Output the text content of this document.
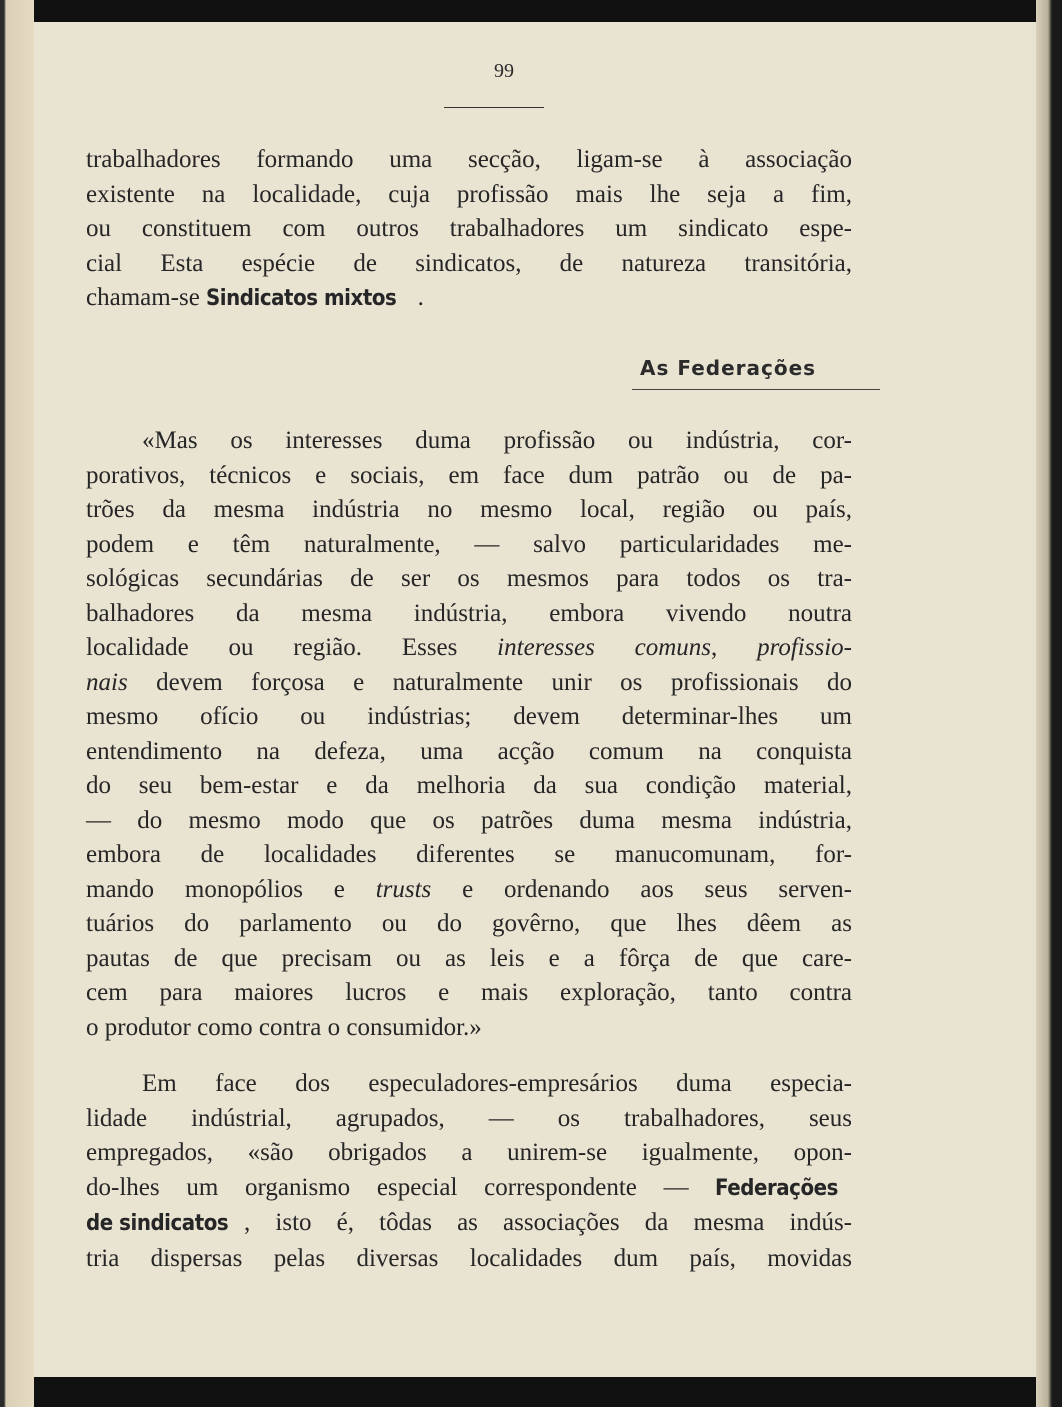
99
trabalhadores formando uma secção, ligam-se à associação
existente na localidade, cuja profissão mais lhe seja a fim,
ou constituem com outros trabalhadores um sindicato espe-
cial Esta espécie de sindicatos, de natureza transitória,
chamam-se Sindicatos mixtos .
As Federações
«Mas os interesses duma profissão ou indústria, cor-
porativos, técnicos e sociais, em face dum patrão ou de pa-
trões da mesma indústria no mesmo local, região ou país,
podem e têm naturalmente, — salvo particularidades me-
sológicas secundárias de ser os mesmos para todos os tra-
balhadores da mesma indústria, embora vivendo noutra
localidade ou região. Esses interesses comuns, profissio-
nais devem forçosa e naturalmente unir os profissionais do
mesmo ofício ou indústrias; devem determinar-lhes um
entendimento na defeza, uma acção comum na conquista
do seu bem-estar e da melhoria da sua condição material,
— do mesmo modo que os patrões duma mesma indústria,
embora de localidades diferentes se manucomunam, for-
mando monopólios e trusts e ordenando aos seus serven-
tuários do parlamento ou do govêrno, que lhes dêem as
pautas de que precisam ou as leis e a fôrça de que care-
cem para maiores lucros e mais exploração, tanto contra
o produtor como contra o consumidor.»
Em face dos especuladores-empresários duma especia-
lidade indústrial, agrupados, — os trabalhadores, seus
empregados, «são obrigados a unirem-se igualmente, opon-
do-lhes um organismo especial correspondente — Federações
de sindicatos , isto é, tôdas as associações da mesma indús-
tria dispersas pelas diversas localidades dum país, movidas
